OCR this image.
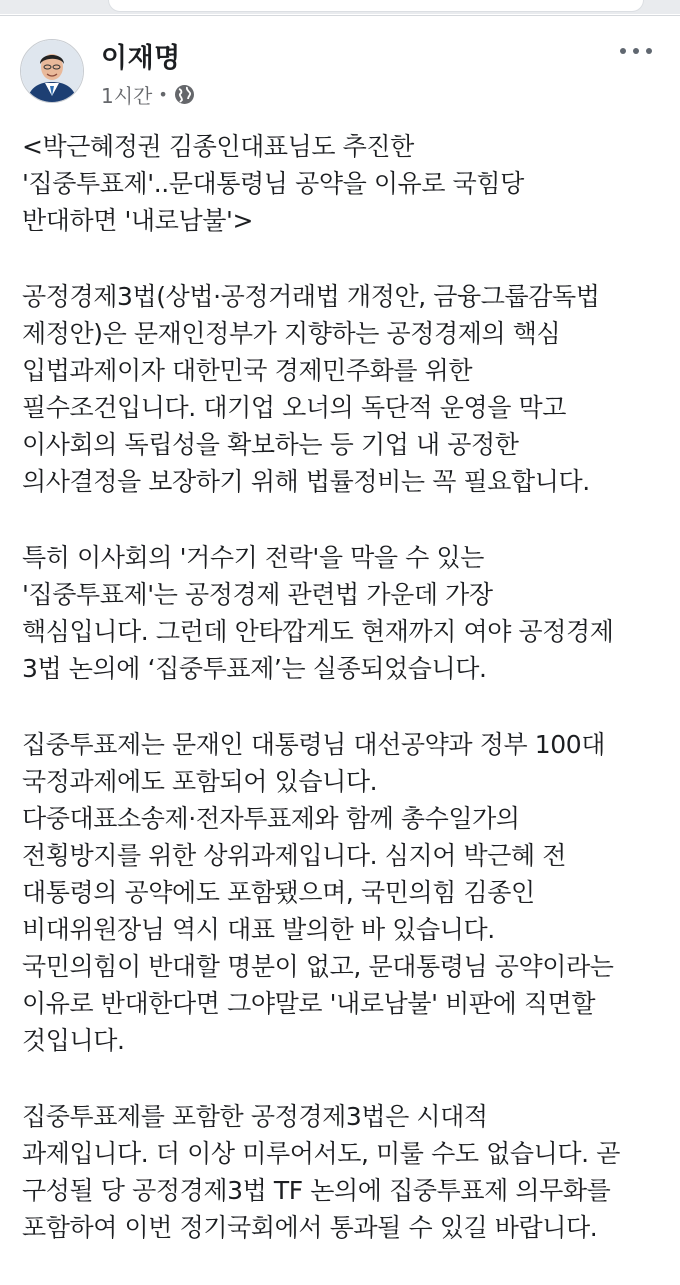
이재명
1시간 •
<박근혜정권 김종인대표님도 추진한
'집중투표제'..문대통령님 공약을 이유로 국힘당
반대하면 '내로남불'>
공정경제3법(상법·공정거래법 개정안, 금융그룹감독법
제정안)은 문재인정부가 지향하는 공정경제의 핵심
입법과제이자 대한민국 경제민주화를 위한
필수조건입니다. 대기업 오너의 독단적 운영을 막고
이사회의 독립성을 확보하는 등 기업 내 공정한
의사결정을 보장하기 위해 법률정비는 꼭 필요합니다.
특히 이사회의 '거수기 전락'을 막을 수 있는
'집중투표제'는 공정경제 관련법 가운데 가장
핵심입니다. 그런데 안타깝게도 현재까지 여야 공정경제
3법 논의에 ‘집중투표제’는 실종되었습니다.
집중투표제는 문재인 대통령님 대선공약과 정부 100대
국정과제에도 포함되어 있습니다.
다중대표소송제·전자투표제와 함께 총수일가의
전횡방지를 위한 상위과제입니다. 심지어 박근혜 전
대통령의 공약에도 포함됐으며, 국민의힘 김종인
비대위원장님 역시 대표 발의한 바 있습니다.
국민의힘이 반대할 명분이 없고, 문대통령님 공약이라는
이유로 반대한다면 그야말로 '내로남불' 비판에 직면할
것입니다.
집중투표제를 포함한 공정경제3법은 시대적
과제입니다. 더 이상 미루어서도, 미룰 수도 없습니다. 곧
구성될 당 공정경제3법 TF 논의에 집중투표제 의무화를
포함하여 이번 정기국회에서 통과될 수 있길 바랍니다.
